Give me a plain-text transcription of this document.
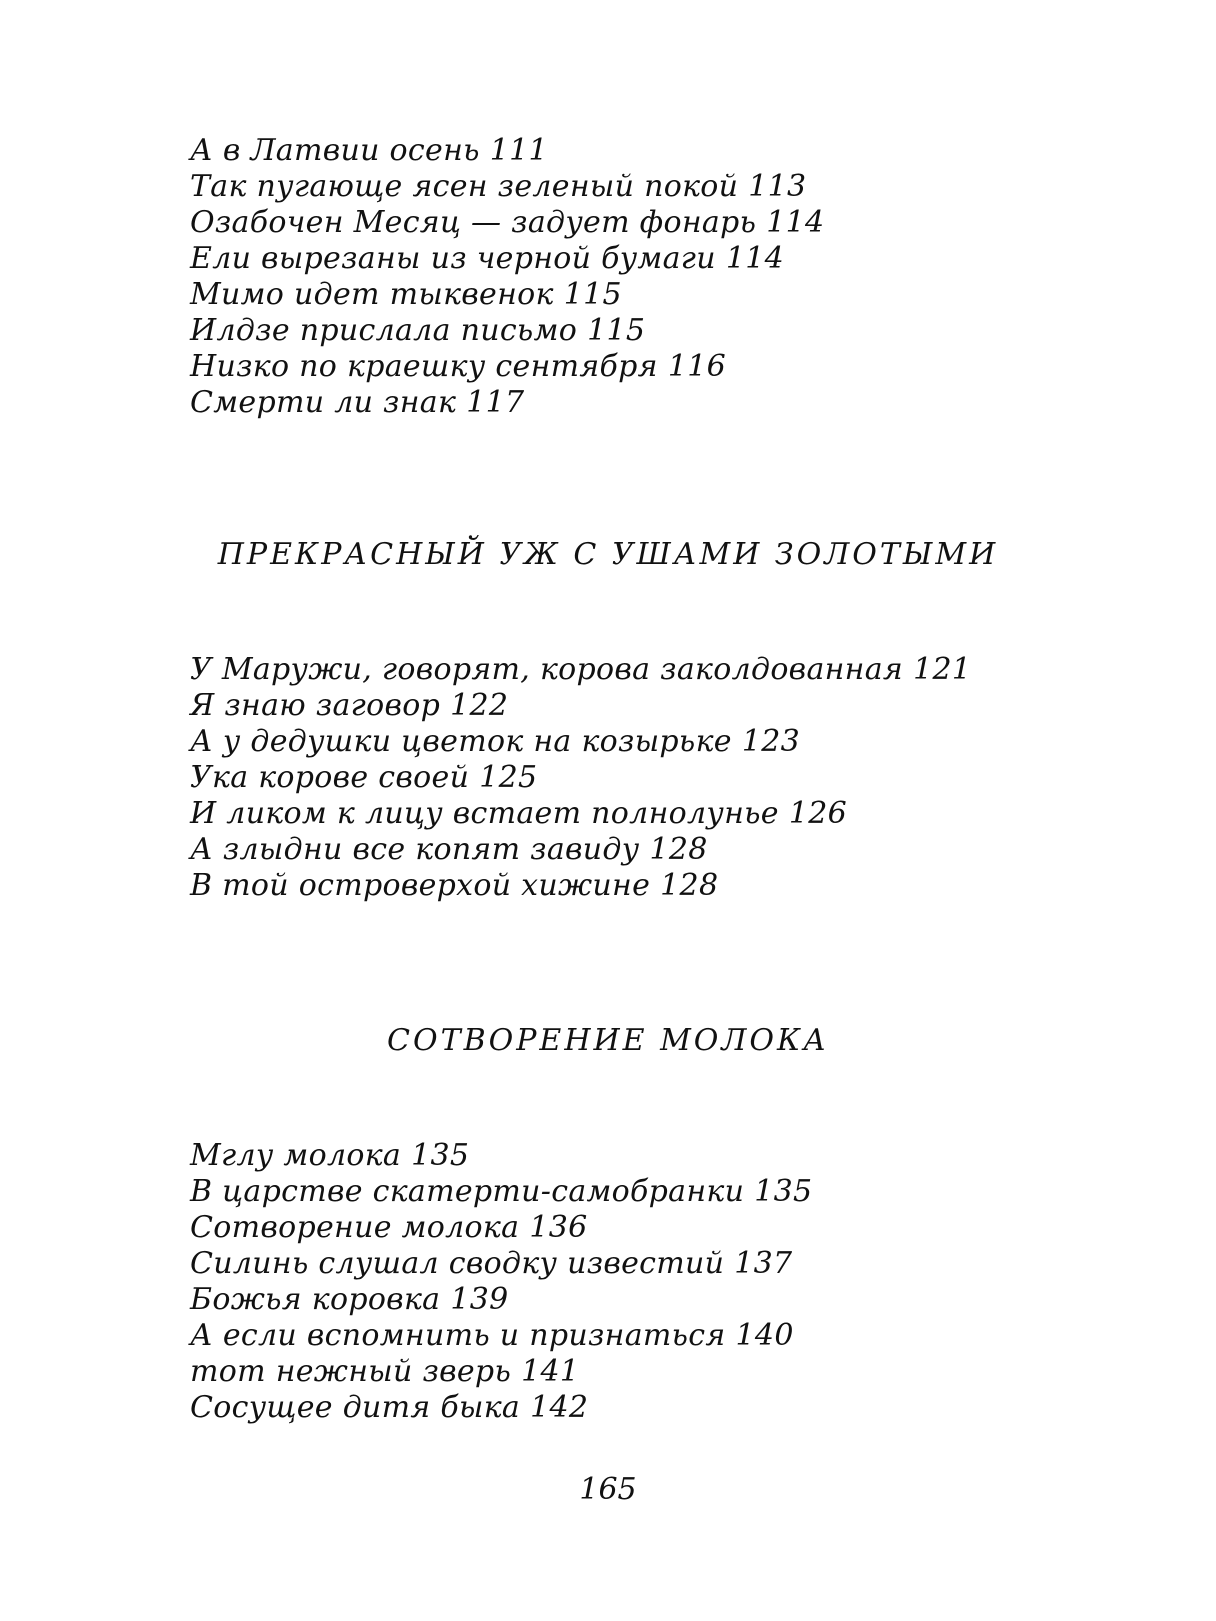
А в Латвии осень 111
Так пугающе ясен зеленый покой 113
Озабочен Месяц — задует фонарь 114
Ели вырезаны из черной бумаги 114
Мимо идет тыквенок 115
Илдзе прислала письмо 115
Низко по краешку сентября 116
Смерти ли знак 117
ПРЕКРАСНЫЙ УЖ С УШАМИ ЗОЛОТЫМИ
У Маружи, говорят, корова заколдованная 121
Я знаю заговор 122
А у дедушки цветок на козырьке 123
Ука корове своей 125
И ликом к лицу встает полнолунье 126
А злыдни все копят завиду 128
В той островерхой хижине 128
СОТВОРЕНИЕ МОЛОКА
Мглу молока 135
В царстве скатерти-самобранки 135
Сотворение молока 136
Силинь слушал сводку известий 137
Божья коровка 139
А если вспомнить и признаться 140
тот нежный зверь 141
Сосущее дитя быка 142
165
